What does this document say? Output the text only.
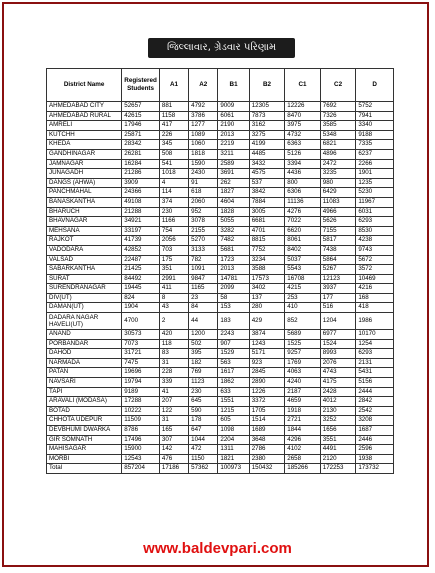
જિલ્લાવાર, ગ્રેડવાર પરિણામ
District Name	Registered Students	A1	A2	B1	B2	C1	C2	D
AHMEDABAD CITY	52657	881	4792	9009	12305	12226	7692	5752
AHMEDABAD RURAL	42615	1158	3786	6061	7873	8470	7326	7941
AMRELI	17946	417	1277	2190	3162	3975	3585	3340
KUTCHH	25871	226	1089	2013	3275	4732	5348	9188
KHEDA	28342	345	1060	2219	4199	6363	6821	7335
GANDHINAGAR	26281	508	1818	3211	4485	5126	4896	6237
JAMNAGAR	16284	541	1590	2589	3432	3394	2472	2266
JUNAGADH	21286	1018	2430	3691	4575	4436	3235	1901
DANGS (AHWA)	3909	4	91	262	537	800	980	1235
PANCHMAHAL	24366	114	618	1827	3842	6306	6429	5230
BANASKANTHA	49108	374	2060	4604	7884	11136	11083	11967
BHARUCH	21288	230	952	1828	3005	4276	4966	6031
BHAVNAGAR	34921	1166	3078	5055	6681	7022	5626	6293
MEHSANA	33197	754	2155	3282	4701	6620	7155	8530
RAJKOT	41739	2056	5270	7482	8815	8061	5817	4238
VADODARA	42852	703	3133	5681	7752	8402	7438	9743
VALSAD	22487	175	782	1723	3234	5037	5864	5672
SABARKANTHA	21425	351	1091	2013	3588	5543	5267	3572
SURAT	84492	2991	9847	14781	17573	16708	12123	10469
SURENDRANAGAR	19445	411	1165	2099	3402	4215	3937	4216
DIV(UT)	824	8	23	58	137	253	177	168
DAMAN(UT)	1904	43	84	153	280	410	516	418
DADARA NAGAR HAVELI(UT)	4700	2	44	183	429	852	1204	1986
ANAND	30573	420	1200	2243	3874	5689	6977	10170
PORBANDAR	7073	118	502	907	1243	1525	1524	1254
DAHOD	31721	83	395	1529	5171	9257	8993	6293
NARMADA	7475	31	182	563	923	1769	2076	2131
PATAN	19696	228	769	1617	2845	4063	4743	5431
NAVSARI	19794	339	1123	1862	2890	4240	4175	5156
TAPI	9189	41	230	633	1226	2187	2428	2444
ARAVALI (MODASA)	17288	207	645	1551	3372	4659	4012	2842
BOTAD	10222	122	590	1215	1705	1918	2130	2542
CHHOTA UDEPUR	11509	31	178	605	1514	2721	3252	3208
DEVBHUMI DWARKA	8786	165	647	1098	1689	1844	1656	1687
GIR SOMNATH	17496	307	1044	2204	3648	4296	3551	2446
MAHISAGAR	15900	142	472	1311	2786	4102	4491	2596
MORBI	12543	476	1150	1821	2380	2658	2120	1938
Total	857204	17186	57362	100973	150432	185266	172253	173732
www.baldevpari.com
